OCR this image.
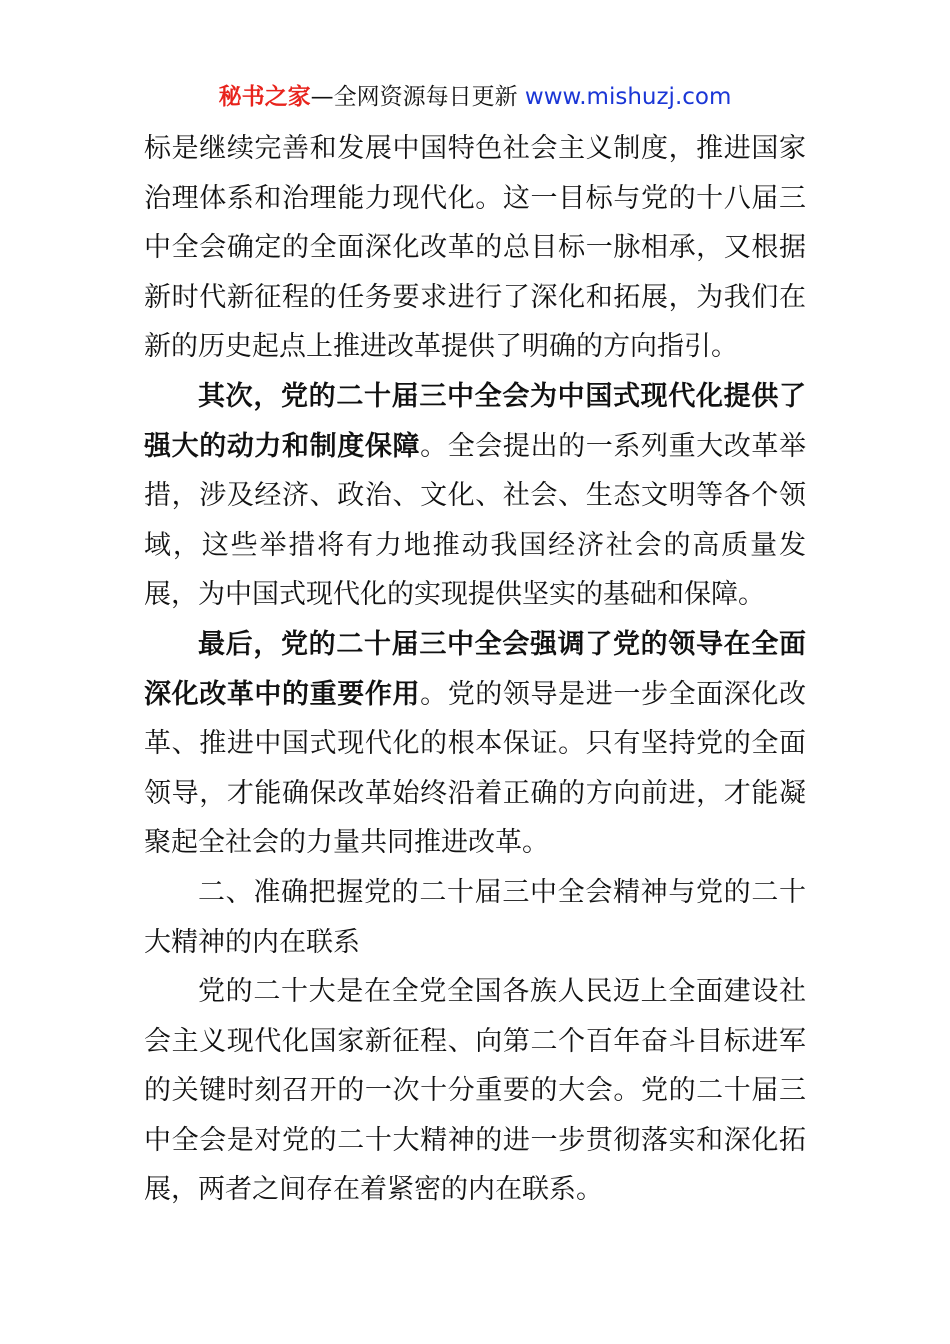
秘书之家—全网资源每日更新 www.mishuzj.com

标是继续完善和发展中国特色社会主义制度，推进国家治理体系和治理能力现代化。这一目标与党的十八届三中全会确定的全面深化改革的总目标一脉相承，又根据新时代新征程的任务要求进行了深化和拓展，为我们在新的历史起点上推进改革提供了明确的方向指引。

其次，党的二十届三中全会为中国式现代化提供了强大的动力和制度保障。全会提出的一系列重大改革举措，涉及经济、政治、文化、社会、生态文明等各个领域，这些举措将有力地推动我国经济社会的高质量发展，为中国式现代化的实现提供坚实的基础和保障。

最后，党的二十届三中全会强调了党的领导在全面深化改革中的重要作用。党的领导是进一步全面深化改革、推进中国式现代化的根本保证。只有坚持党的全面领导，才能确保改革始终沿着正确的方向前进，才能凝聚起全社会的力量共同推进改革。

二、准确把握党的二十届三中全会精神与党的二十大精神的内在联系

党的二十大是在全党全国各族人民迈上全面建设社会主义现代化国家新征程、向第二个百年奋斗目标进军的关键时刻召开的一次十分重要的大会。党的二十届三中全会是对党的二十大精神的进一步贯彻落实和深化拓展，两者之间存在着紧密的内在联系。
